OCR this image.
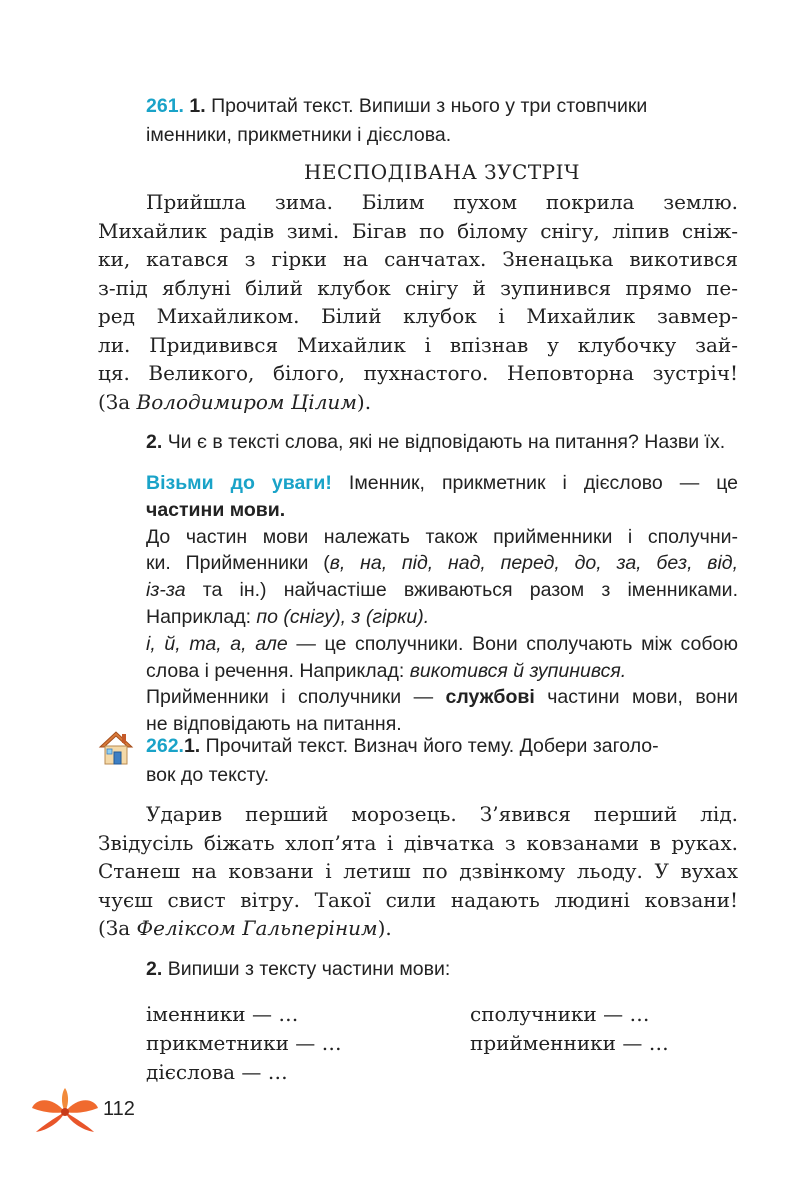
261. 1. Прочитай текст. Випиши з нього у три стовпчики
іменники, прикметники і дієслова.
НЕСПОДІВАНА ЗУСТРІЧ
Прийшла зима. Білим пухом покрила землю.
Михайлик радів зимі. Бігав по білому снігу, ліпив сніж-
ки, катався з гірки на санчатах. Зненацька викотився
з-під яблуні білий клубок снігу й зупинився прямо пе-
ред Михайликом. Білий клубок і Михайлик завмер-
ли. Придивився Михайлик і впізнав у клубочку зай-
ця. Великого, білого, пухнастого. Неповторна зустріч!
(За Володимиром Цілим).
2. Чи є в тексті слова, які не відповідають на питання? Назви їх.
Візьми до уваги! Іменник, прикметник і дієслово — це
частини мови.
До частин мови належать також прийменники і сполучни-
ки. Прийменники (в, на, під, над, перед, до, за, без, від,
із-за та ін.) найчастіше вживаються разом з іменниками.
Наприклад: по (снігу), з (гірки).
і, й, та, а, але — це сполучники. Вони сполучають між собою
слова і речення. Наприклад: викотився й зупинився.
Прийменники і сполучники — службові частини мови, вони
не відповідають на питання.
262.1. Прочитай текст. Визнач його тему. Добери заголо-
вок до тексту.
Ударив перший морозець. З’явився перший лід.
Звідусіль біжать хлоп’ята і дівчатка з ковзанами в руках.
Станеш на ковзани і летиш по дзвінкому льоду. У вухах
чуєш свист вітру. Такої сили надають людині ковзани!
(За Феліксом Гальперіним).
2. Випиши з тексту частини мови:
іменники — …
прикметники — …
дієслова — …
сполучники — …
прийменники — …
112
